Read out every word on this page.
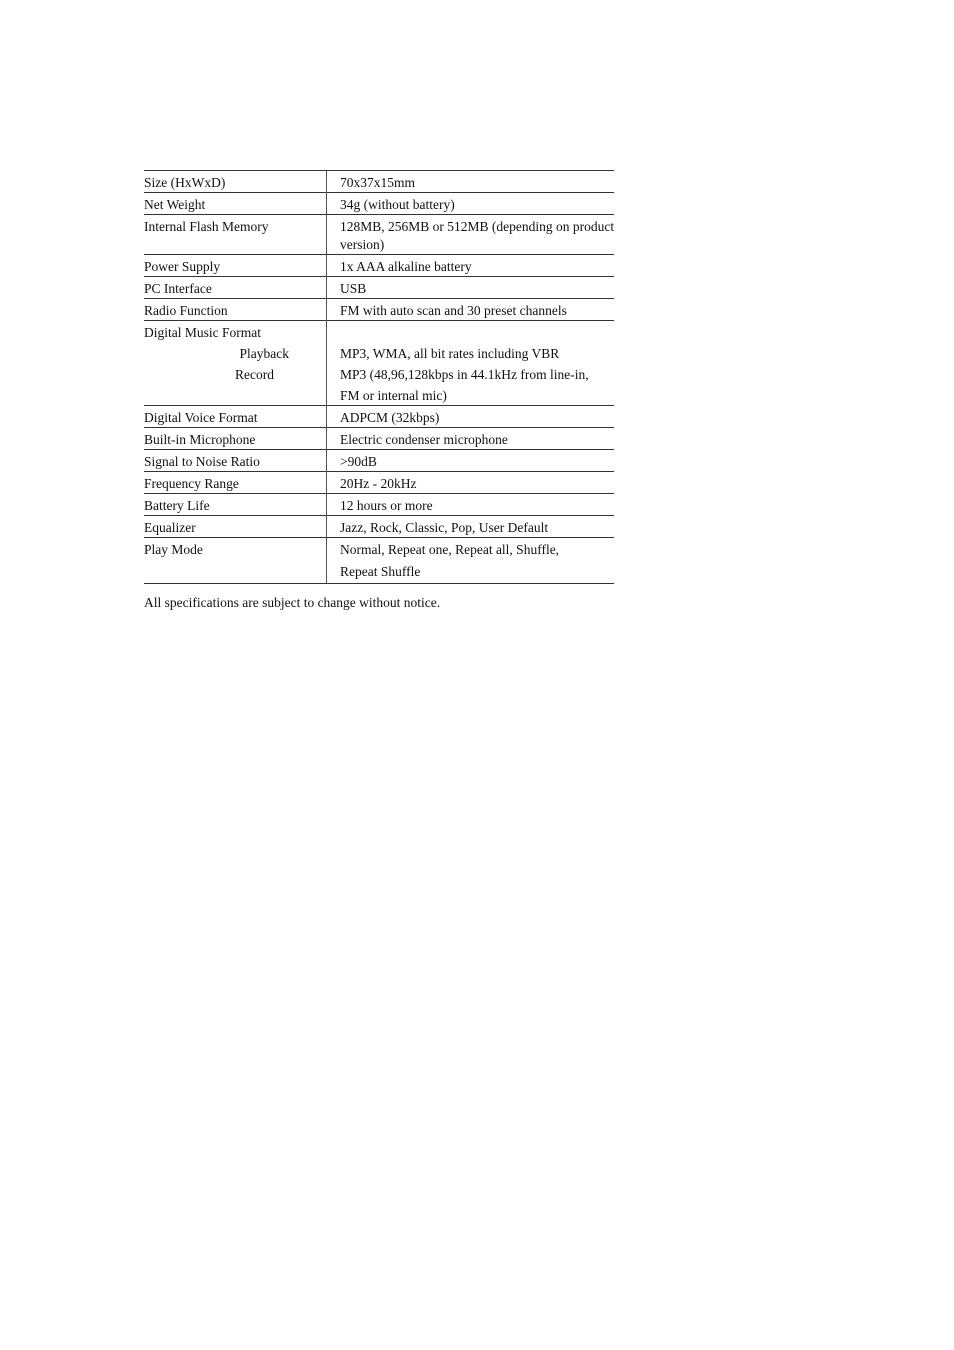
Size (HxWxD)	70x37x15mm
Net Weight	34g (without battery)
Internal Flash Memory	128MB, 256MB or 512MB (depending on product
version)

Power Supply	1x AAA alkaline battery
PC Interface	USB
Radio Function	FM with auto scan and 30 preset channels
Digital Music Format	

Playback	MP3, WMA, all bit rates including VBR

Record	MP3 (48,96,128kbps in 44.1kHz from line-in,
FM or internal mic)

Digital Voice Format	ADPCM (32kbps)
Built-in Microphone	Electric condenser microphone
Signal to Noise Ratio	>90dB
Frequency Range	20Hz - 20kHz
Battery Life	12 hours or more
Equalizer	Jazz, Rock, Classic, Pop, User Default
Play Mode	Normal, Repeat one, Repeat all, Shuffle,
Repeat Shuffle
All specifications are subject to change without notice.
